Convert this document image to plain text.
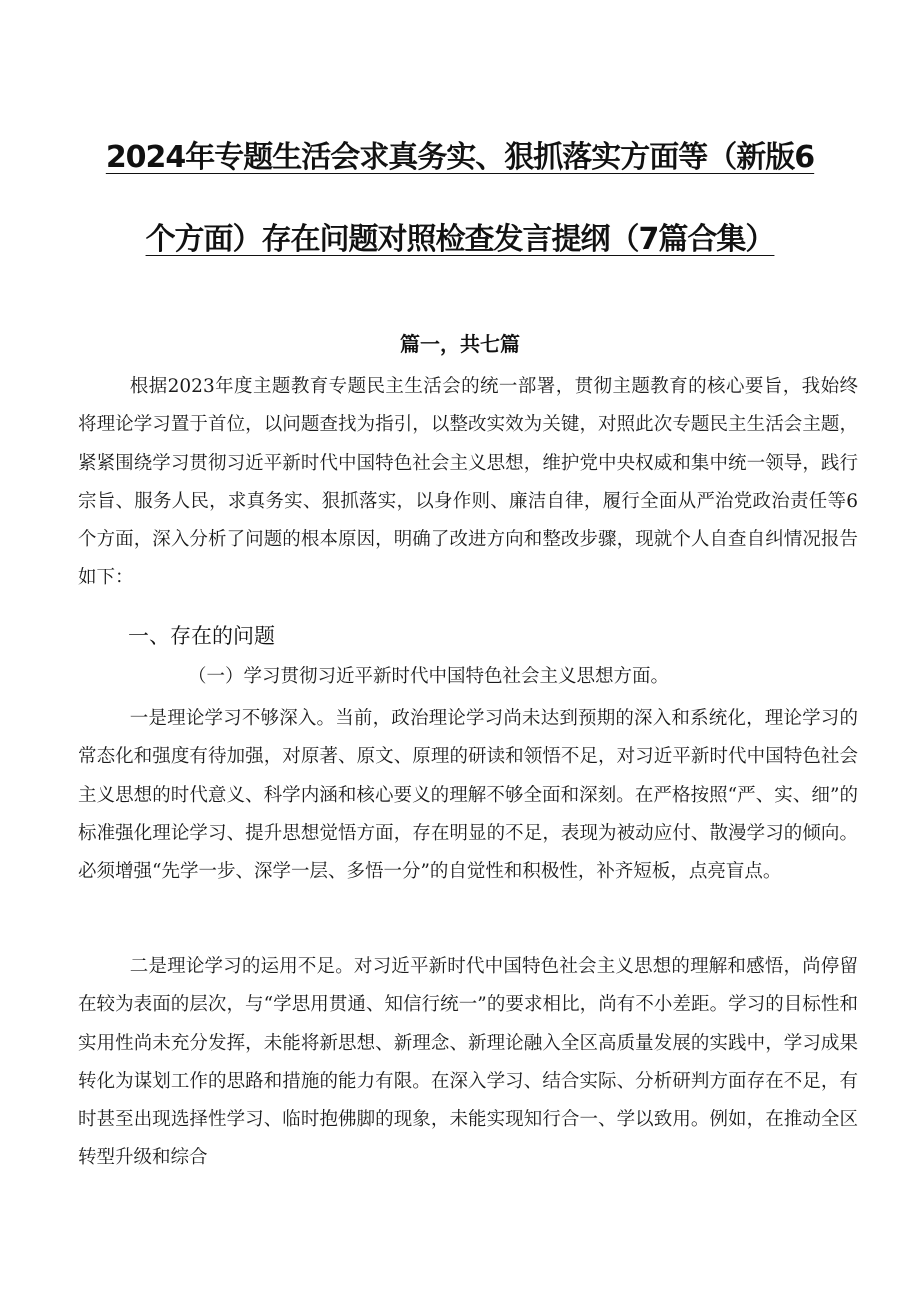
2024年专题生活会求真务实、狠抓落实方面等（新版6
个方面）存在问题对照检查发言提纲（7篇合集）
篇一，共七篇

根据2023年度主题教育专题民主生活会的统一部署，贯彻主题教育的核心要旨，我始终将理论学习置于首位，以问题查找为指引，以整改实效为关键，对照此次专题民主生活会主题，紧紧围绕学习贯彻习近平新时代中国特色社会主义思想，维护党中央权威和集中统一领导，践行宗旨、服务人民，求真务实、狠抓落实，以身作则、廉洁自律，履行全面从严治党政治责任等6个方面，深入分析了问题的根本原因，明确了改进方向和整改步骤，现就个人自查自纠情况报告如下：

一、存在的问题
（一）学习贯彻习近平新时代中国特色社会主义思想方面。

一是理论学习不够深入。当前，政治理论学习尚未达到预期的深入和系统化，理论学习的常态化和强度有待加强，对原著、原文、原理的研读和领悟不足，对习近平新时代中国特色社会主义思想的时代意义、科学内涵和核心要义的理解不够全面和深刻。在严格按照“严、实、细”的标准强化理论学习、提升思想觉悟方面，存在明显的不足，表现为被动应付、散漫学习的倾向。必须增强“先学一步、深学一层、多悟一分”的自觉性和积极性，补齐短板，点亮盲点。

二是理论学习的运用不足。对习近平新时代中国特色社会主义思想的理解和感悟，尚停留在较为表面的层次，与“学思用贯通、知信行统一”的要求相比，尚有不小差距。学习的目标性和实用性尚未充分发挥，未能将新思想、新理念、新理论融入全区高质量发展的实践中，学习成果转化为谋划工作的思路和措施的能力有限。在深入学习、结合实际、分析研判方面存在不足，有时甚至出现选择性学习、临时抱佛脚的现象，未能实现知行合一、学以致用。例如，在推动全区转型升级和综合
